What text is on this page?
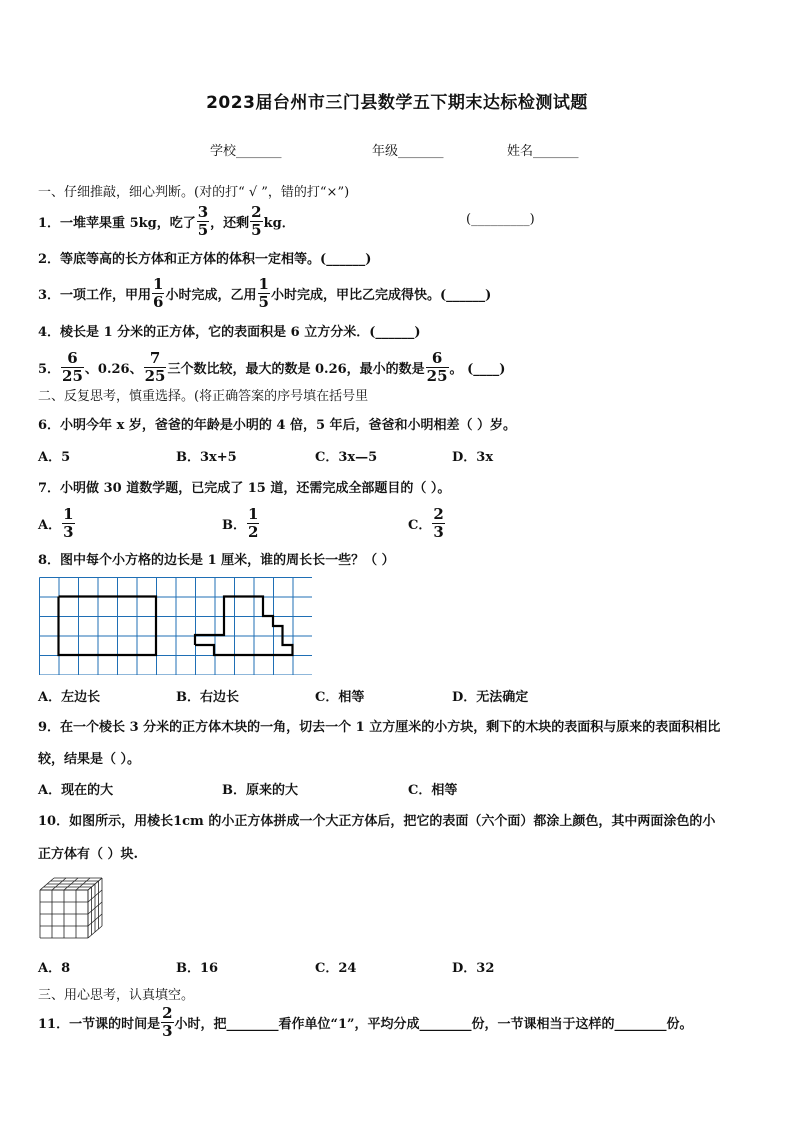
2023届台州市三门县数学五下期末达标检测试题
学校_______	年级_______	姓名_______
一、仔细推敲，细心判断。(对的打“ √ ”，错的打“×”)
1．一堆苹果重 5kg，吃了 $\frac{3}{5}$ ，还剩 $\frac{2}{5}$ kg．	(_________)
2．等底等高的长方体和正方体的体积一定相等。(______)
3．一项工作，甲用 $\frac{1}{6}$ 小时完成，乙用 $\frac{1}{5}$ 小时完成，甲比乙完成得快。(______)
4．棱长是 1 分米的正方体，它的表面积是 6 立方分米．(______)
5． $\frac{6}{25}$ 、0.26、 $\frac{7}{25}$ 三个数比较，最大的数是 0.26，最小的数是 $\frac{6}{25}$ 。 (____)
二、反复思考，慎重选择。(将正确答案的序号填在括号里
6．小明今年 x 岁，爸爸的年龄是小明的 4 倍，5 年后，爸爸和小明相差（ ）岁。
A．5	B．3x+5	C．3x—5	D．3x
7．小明做 30 道数学题，已完成了 15 道，还需完成全部题目的（ ）。
A． $\frac{1}{3}$	B． $\frac{1}{2}$	C． $\frac{2}{3}$
8．图中每个小方格的边长是 1 厘米，谁的周长长一些？（ ）
A．左边长	B．右边长	C．相等	D．无法确定
9．在一个棱长 3 分米的正方体木块的一角，切去一个 1 立方厘米的小方块，剩下的木块的表面积与原来的表面积相比
较，结果是（ ）。
A．现在的大	B．原来的大	C．相等
10．如图所示，用棱长1cm 的小正方体拼成一个大正方体后，把它的表面（六个面）都涂上颜色，其中两面涂色的小
正方体有（ ）块.
A．8	B．16	C．24	D．32
三、用心思考，认真填空。
11．一节课的时间是 $\frac{2}{3}$ 小时，把________看作单位“1”，平均分成________份，一节课相当于这样的________份。
